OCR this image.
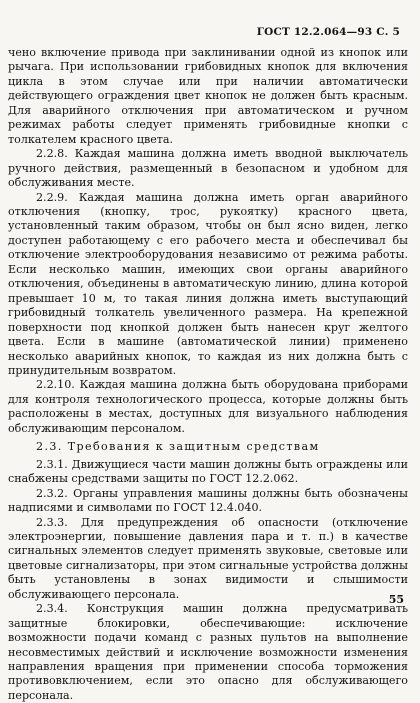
ГОСТ 12.2.064—93 С. 5

чено включение привода при заклинивании одной из кнопок или рычага. При использовании грибовидных кнопок для включения цикла в этом случае или при наличии автоматически действующего ограждения цвет кнопок не должен быть красным. Для аварийного отключения при автоматическом и ручном режимах работы следует применять грибовидные кнопки с толкателем красного цвета.

2.2.8. Каждая машина должна иметь вводной выключатель ручного действия, размещенный в безопасном и удобном для обслуживания месте.

2.2.9. Каждая машина должна иметь орган аварийного отключения (кнопку, трос, рукоятку) красного цвета, установленный таким образом, чтобы он был ясно виден, легко доступен работающему с его рабочего места и обеспечивал бы отключение электрооборудования независимо от режима работы. Если несколько машин, имеющих свои органы аварийного отключения, объединены в автоматическую линию, длина которой превышает 10 м, то такая линия должна иметь выступающий грибовидный толкатель увеличенного размера. На крепежной поверхности под кнопкой должен быть нанесен круг желтого цвета. Если в машине (автоматической линии) применено несколько аварийных кнопок, то каждая из них должна быть с принудительным возвратом.

2.2.10. Каждая машина должна быть оборудована приборами для контроля технологического процесса, которые должны быть расположены в местах, доступных для визуального наблюдения обслуживающим персоналом.

2.3. Требования к защитным средствам

2.3.1. Движущиеся части машин должны быть ограждены или снабжены средствами защиты по ГОСТ 12.2.062.

2.3.2. Органы управления машины должны быть обозначены надписями и символами по ГОСТ 12.4.040.

2.3.3. Для предупреждения об опасности (отключение электроэнергии, повышение давления пара и т. п.) в качестве сигнальных элементов следует применять звуковые, световые или цветовые сигнализаторы, при этом сигнальные устройства должны быть установлены в зонах видимости и слышимости обслуживающего персонала.

2.3.4. Конструкция машин должна предусматривать защитные блокировки, обеспечивающие: исключение возможности подачи команд с разных пультов на выполнение несовместимых действий и исключение возможности изменения направления вращения при применении способа торможения противовключением, если это опасно для обслуживающего персонала.

55
